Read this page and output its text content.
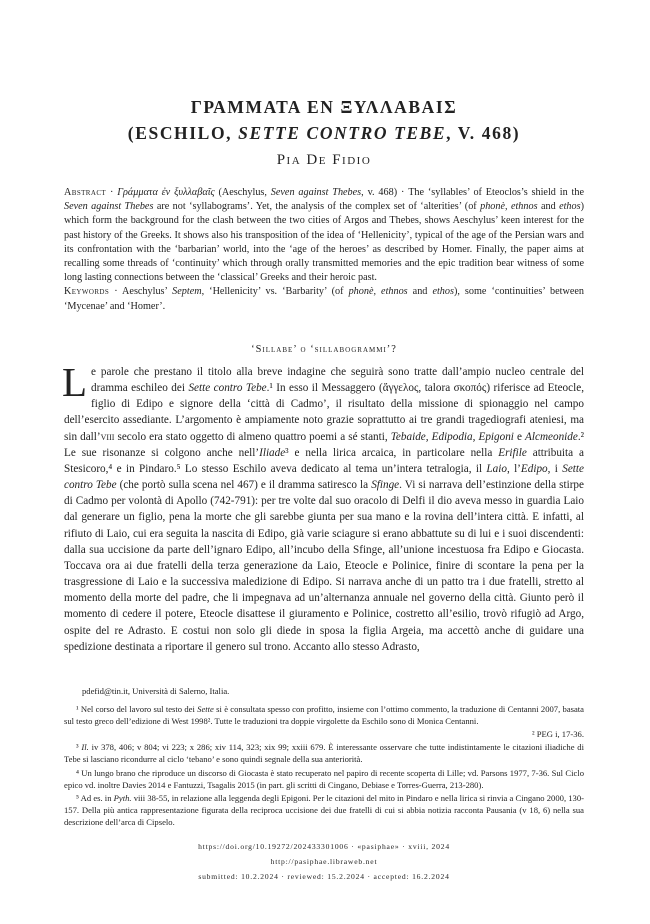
ΓΡΑΜΜΑΤΑ ΕΝ ΞΥΛΛΑΒΑΙΣ
(ESCHILO, SETTE CONTRO TEBE, V. 468)
Pia De Fidio

Abstract · Γράμματα ἐν ξυλλαβαῖς (Aeschylus, Seven against Thebes, v. 468) · The ‘syllables’ of Eteoclos’s shield in the Seven against Thebes are not ‘syllabograms’. Yet, the analysis of the complex set of ‘alterities’ (of phonè, ethnos and ethos) which form the background for the clash between the two cities of Argos and Thebes, shows Aeschylus’ keen interest for the past history of the Greeks. It shows also his transposition of the idea of ‘Hellenicity’, typical of the age of the Persian wars and its confrontation with the ‘barbarian’ world, into the ‘age of the heroes’ as described by Homer. Finally, the paper aims at recalling some threads of ‘continuity’ which through orally transmitted memories and the epic tradition bear witness of some long lasting connections between the ‘classical’ Greeks and their heroic past.

Keywords · Aeschylus’ Septem, ‘Hellenicity’ vs. ‘Barbarity’ (of phonè, ethnos and ethos), some ‘continuities’ between ‘Mycenae’ and ‘Homer’.

‘Sillabe’ o ‘sillabogrammi’?

Le parole che prestano il titolo alla breve indagine che seguirà sono tratte dall’ampio nucleo centrale del dramma eschileo dei Sette contro Tebe.¹ In esso il Messaggero (ἄγγελος, talora σκοπός) riferisce ad Eteocle, figlio di Edipo e signore della ‘città di Cadmo’, il risultato della missione di spionaggio nel campo dell’esercito assediante. L’argomento è ampiamente noto grazie soprattutto ai tre grandi tragediografi ateniesi, ma sin dall’viii secolo era stato oggetto di almeno quattro poemi a sé stanti, Tebaide, Edipodia, Epigoni e Alcmeonide.² Le sue risonanze si colgono anche nell’Iliade³ e nella lirica arcaica, in particolare nella Erifile attribuita a Stesicoro,⁴ e in Pindaro.⁵ Lo stesso Eschilo aveva dedicato al tema un’intera tetralogia, il Laio, l’Edipo, i Sette contro Tebe (che portò sulla scena nel 467) e il dramma satiresco la Sfinge. Vi si narrava dell’estinzione della stirpe di Cadmo per volontà di Apollo (742-791): per tre volte dal suo oracolo di Delfi il dio aveva messo in guardia Laio dal generare un figlio, pena la morte che gli sarebbe giunta per sua mano e la rovina dell’intera città. E infatti, al rifiuto di Laio, cui era seguita la nascita di Edipo, già varie sciagure si erano abbattute su di lui e i suoi discendenti: dalla sua uccisione da parte dell’ignaro Edipo, all’incubo della Sfinge, all’unione incestuosa fra Edipo e Giocasta. Toccava ora ai due fratelli della terza generazione da Laio, Eteocle e Polinice, finire di scontare la pena per la trasgressione di Laio e la successiva maledizione di Edipo. Si narrava anche di un patto tra i due fratelli, stretto al momento della morte del padre, che li impegnava ad un’alternanza annuale nel governo della città. Giunto però il momento di cedere il potere, Eteocle disattese il giuramento e Polinice, costretto all’esilio, trovò rifugiò ad Argo, ospite del re Adrasto. E costui non solo gli diede in sposa la figlia Argeia, ma accettò anche di guidare una spedizione destinata a riportare il genero sul trono. Accanto allo stesso Adrasto,

pdefid@tin.it, Università di Salerno, Italia.

¹ Nel corso del lavoro sul testo dei Sette si è consultata spesso con profitto, insieme con l’ottimo commento, la traduzione di Centanni 2007, basata sul testo greco dell’edizione di West 1998². Tutte le traduzioni tra doppie virgolette da Eschilo sono di Monica Centanni.

² PEG i, 17-36.

³ Il. iv 378, 406; v 804; vi 223; x 286; xiv 114, 323; xix 99; xxiii 679. È interessante osservare che tutte indistintamente le citazioni iliadiche di Tebe si lasciano ricondurre al ciclo ‘tebano’ e sono quindi segnale della sua anteriorità.

⁴ Un lungo brano che riproduce un discorso di Giocasta è stato recuperato nel papiro di recente scoperta di Lille; vd. Parsons 1977, 7-36. Sul Ciclo epico vd. inoltre Davies 2014 e Fantuzzi, Tsagalis 2015 (in part. gli scritti di Cingano, Debiase e Torres-Guerra, 213-280).

⁵ Ad es. in Pyth. viii 38-55, in relazione alla leggenda degli Epigoni. Per le citazioni del mito in Pindaro e nella lirica si rinvia a Cingano 2000, 130-157. Della più antica rappresentazione figurata della reciproca uccisione dei due fratelli di cui si abbia notizia racconta Pausania (v 18, 6) nella sua descrizione dell’arca di Cipselo.

https://doi.org/10.19272/202433301006 · «pasiphae» · xviii, 2024
http://pasiphae.libraweb.net
submitted: 10.2.2024 · reviewed: 15.2.2024 · accepted: 16.2.2024
